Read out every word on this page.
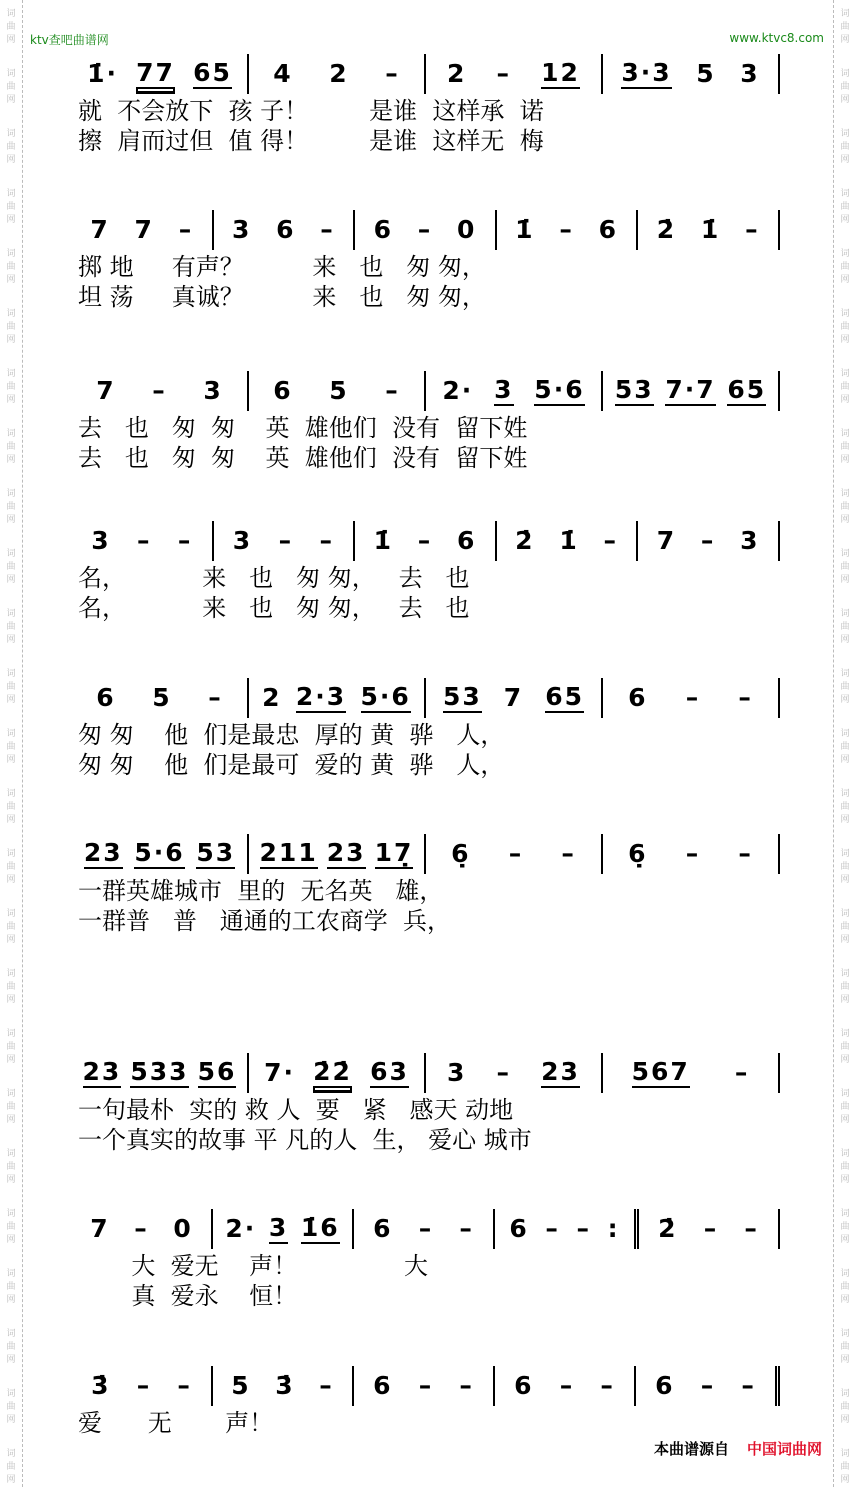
词
曲
网
词
曲
网
词
曲
网
词
曲
网
词
曲
网
词
曲
网
词
曲
网
词
曲
网
词
曲
网
词
曲
网
词
曲
网
词
曲
网
词
曲
网
词
曲
网
词
曲
网
词
曲
网
词
曲
网
词
曲
网
词
曲
网
词
曲
网
词
曲
网
词
曲
网
词
曲
网
词
曲
网
词
曲
网
词
曲
网
词
曲
网
词
曲
网
词
曲
网
词
曲
网
词
曲
网
词
曲
网
词
曲
网
词
曲
网
词
曲
网
词
曲
网
词
曲
网
词
曲
网
词
曲
网
词
曲
网
词
曲
网
词
曲
网
词
曲
网
词
曲
网
词
曲
网
词
曲
网
词
曲
网
词
曲
网
词
曲
网
词
曲
网
ktv查吧曲谱网	www.ktvc8.com
1̇· 77 65 4 2 – 2 – 12 3·3 5 3
就  不会放下  孩 子！        是谁  这样承  诺
擦  肩而过但  值 得！        是谁  这样无  梅
7 7 – 3 6 – 6 – 0 1̇ – 6 2̇ 1̇ –
掷 地     有声？         来   也   匆 匆，
坦 荡     真诚？         来   也   匆 匆，
7 – 3 6 5 – 2· 3 5·6 53 7·7 65
去   也   匆  匆    英  雄他们  没有  留下姓
去   也   匆  匆    英  雄他们  没有  留下姓
3 – – 3 – – 1̇ – 6 2̇ 1̇ – 7 – 3
名，          来   也   匆 匆，   去   也
名，          来   也   匆 匆，   去   也
6 5 – 2 2·3 5·6 53 7 65 6 – –
匆 匆    他  们是最忠  厚的 黄  骅   人，
匆 匆    他  们是最可  爱的 黄  骅   人，
23 5·6 53 211 23 17̣ 6̣ – – 6̣ – –
一群英雄城市  里的  无名英   雄，
一群普   普   通通的工农商学  兵，
23 533 56 7· 2̇2̇ 63 3 – 23 567 –
一句最朴  实的 救 人  要   紧   感天 动地
一个真实的故事 平 凡的人  生， 爱心 城市
7 – 0 2· 3 1̇6 6 – – 6 – – : 2̇ – –
大  爱无    声！              大
真  爱永    恒！
3̇ – – 5 3̇ – 6 – – 6 – – 6 – –
爱      无       声！
本曲谱源自 中国词曲网
